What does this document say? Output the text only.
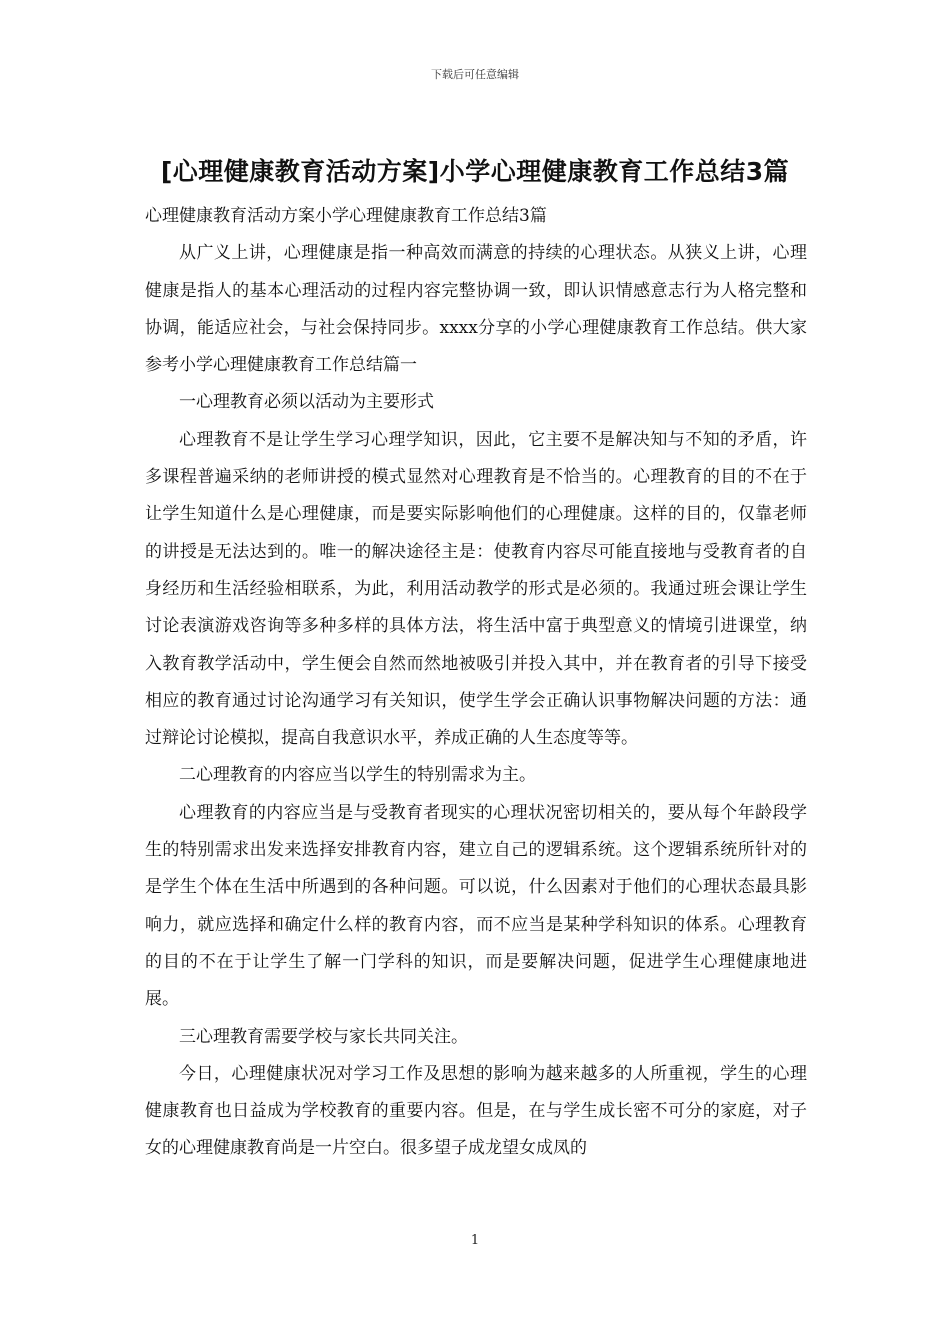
下载后可任意编辑
[心理健康教育活动方案]小学心理健康教育工作总结3篇

心理健康教育活动方案小学心理健康教育工作总结3篇

从广义上讲，心理健康是指一种高效而满意的持续的心理状态。从狭义上讲，心理健康是指人的基本心理活动的过程内容完整协调一致，即认识情感意志行为人格完整和协调，能适应社会，与社会保持同步。xxxx分享的小学心理健康教育工作总结。供大家参考小学心理健康教育工作总结篇一

一心理教育必须以活动为主要形式

心理教育不是让学生学习心理学知识，因此，它主要不是解决知与不知的矛盾，许多课程普遍采纳的老师讲授的模式显然对心理教育是不恰当的。心理教育的目的不在于让学生知道什么是心理健康，而是要实际影响他们的心理健康。这样的目的，仅靠老师的讲授是无法达到的。唯一的解决途径主是：使教育内容尽可能直接地与受教育者的自身经历和生活经验相联系，为此，利用活动教学的形式是必须的。我通过班会课让学生讨论表演游戏咨询等多种多样的具体方法，将生活中富于典型意义的情境引进课堂，纳入教育教学活动中，学生便会自然而然地被吸引并投入其中，并在教育者的引导下接受相应的教育通过讨论沟通学习有关知识，使学生学会正确认识事物解决问题的方法：通过辩论讨论模拟，提高自我意识水平，养成正确的人生态度等等。

二心理教育的内容应当以学生的特别需求为主。

心理教育的内容应当是与受教育者现实的心理状况密切相关的，要从每个年龄段学生的特别需求出发来选择安排教育内容，建立自己的逻辑系统。这个逻辑系统所针对的是学生个体在生活中所遇到的各种问题。可以说，什么因素对于他们的心理状态最具影响力，就应选择和确定什么样的教育内容，而不应当是某种学科知识的体系。心理教育的目的不在于让学生了解一门学科的知识，而是要解决问题，促进学生心理健康地进展。

三心理教育需要学校与家长共同关注。

今日，心理健康状况对学习工作及思想的影响为越来越多的人所重视，学生的心理健康教育也日益成为学校教育的重要内容。但是，在与学生成长密不可分的家庭，对子女的心理健康教育尚是一片空白。很多望子成龙望女成凤的

1
